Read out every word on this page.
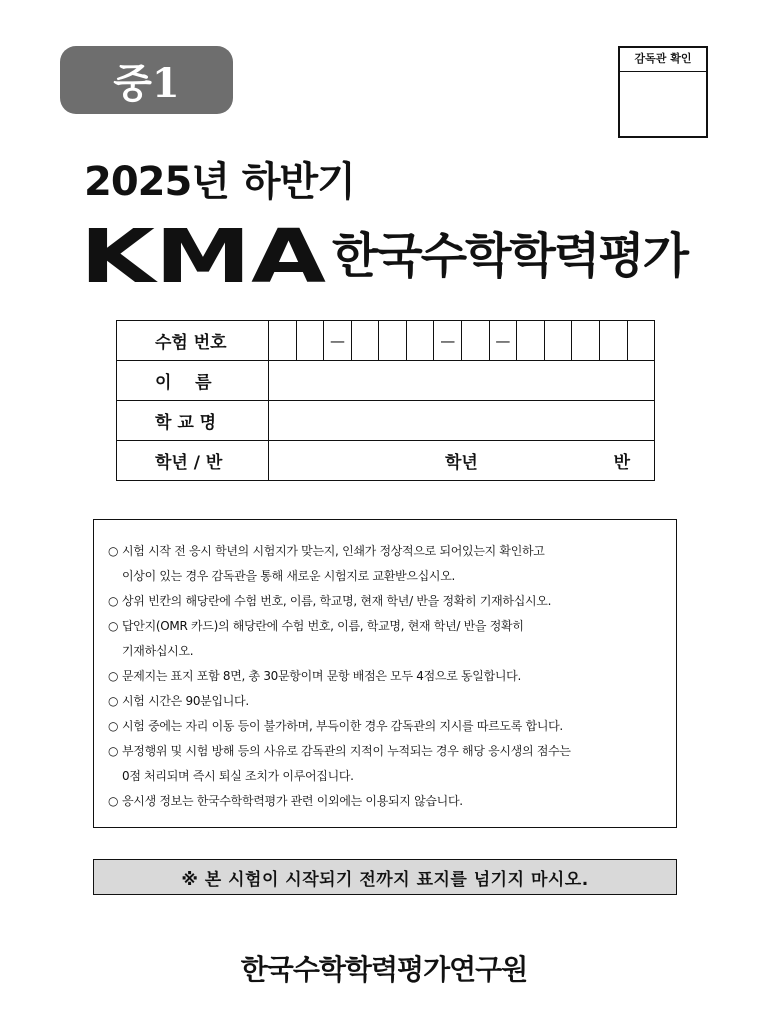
중1
감독관 확인
2025년 하반기
KMA 한국수학학력평가
수험 번호	— — —

이    름	
학 교 명	
학년 / 반	학년 반
○ 시험 시작 전 응시 학년의 시험지가 맞는지, 인쇄가 정상적으로 되어있는지 확인하고
이상이 있는 경우 감독관을 통해 새로운 시험지로 교환받으십시오.
○ 상위 빈칸의 해당란에 수험 번호, 이름, 학교명, 현재 학년/ 반을 정확히 기재하십시오.
○ 답안지(OMR 카드)의 해당란에 수험 번호, 이름, 학교명, 현재 학년/ 반을 정확히
기재하십시오.
○ 문제지는 표지 포함 8면, 총 30문항이며 문항 배점은 모두 4점으로 동일합니다.
○ 시험 시간은 90분입니다.
○ 시험 중에는 자리 이동 등이 불가하며, 부득이한 경우 감독관의 지시를 따르도록 합니다.
○ 부정행위 및 시험 방해 등의 사유로 감독관의 지적이 누적되는 경우 해당 응시생의 점수는
0점 처리되며 즉시 퇴실 조치가 이루어집니다.
○ 응시생 정보는 한국수학학력평가 관련 이외에는 이용되지 않습니다.
※ 본 시험이 시작되기 전까지 표지를 넘기지 마시오.
한국수학학력평가연구원
